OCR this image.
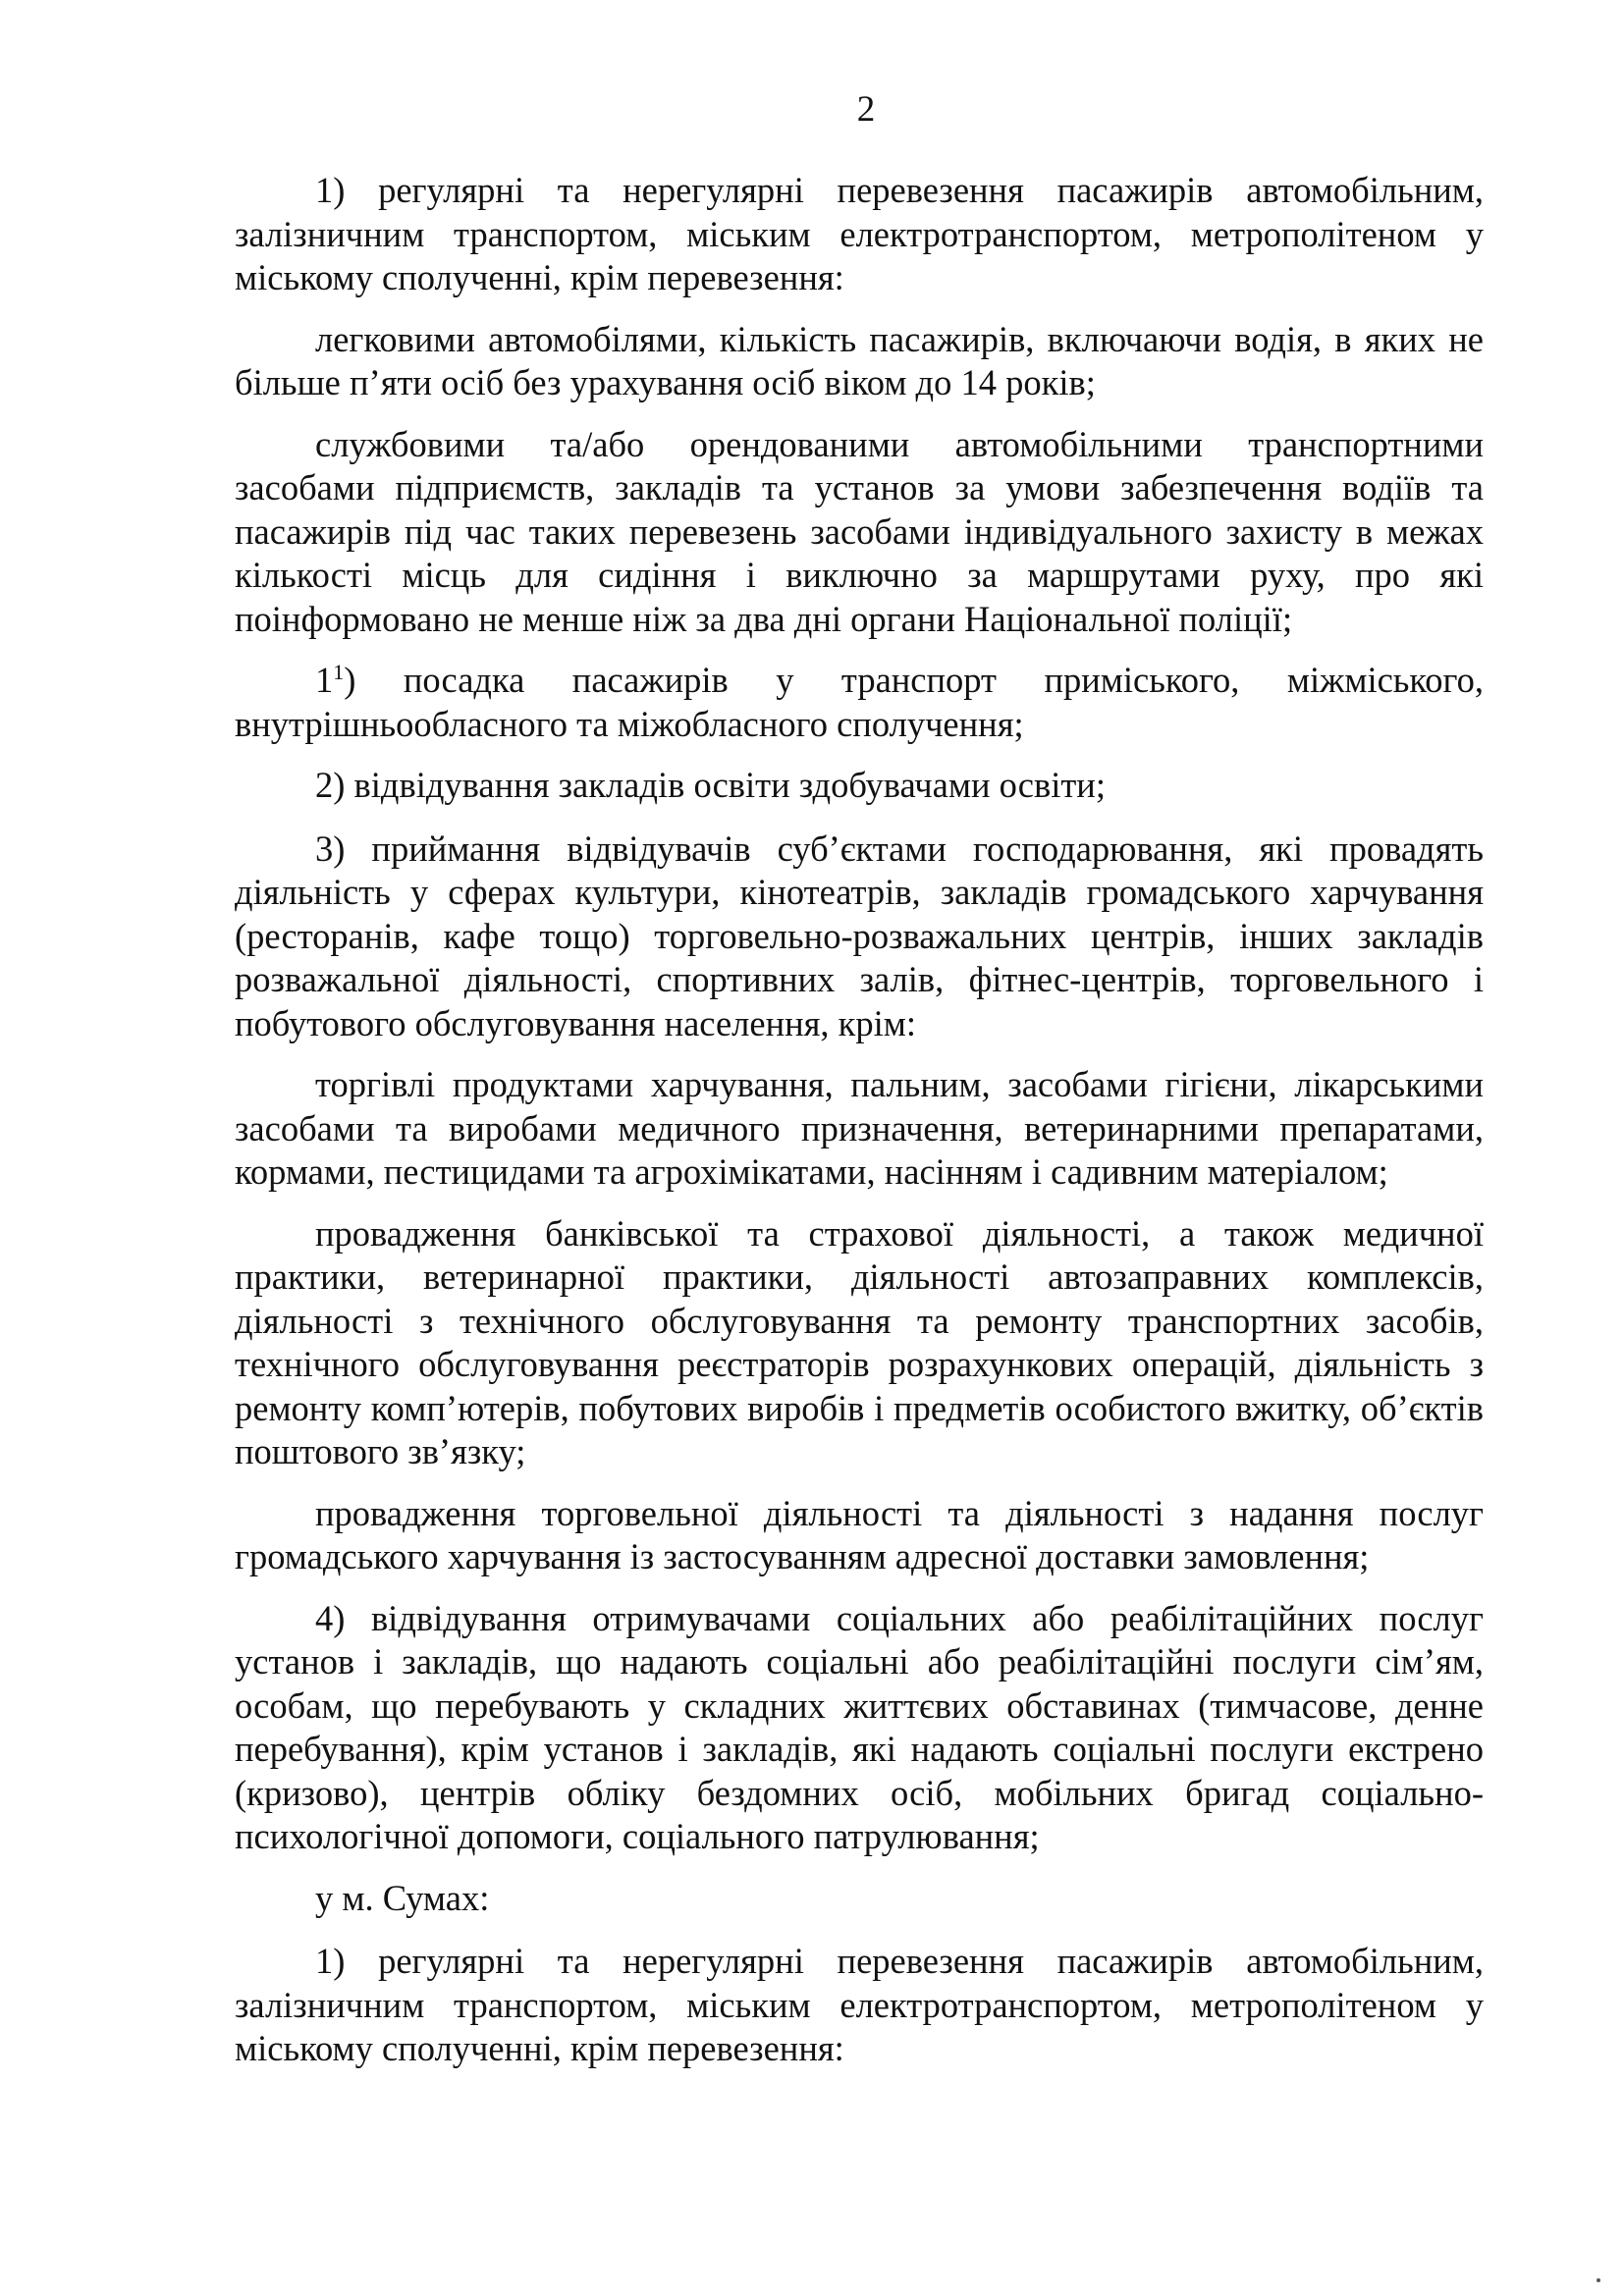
2

1) регулярні та нерегулярні перевезення пасажирів автомобільним, залізничним транспортом, міським електротранспортом, метрополітеном у міському сполученні, крім перевезення:

легковими автомобілями, кількість пасажирів, включаючи водія, в яких не більше п’яти осіб без урахування осіб віком до 14 років;

службовими та/або орендованими автомобільними транспортними засобами підприємств, закладів та установ за умови забезпечення водіїв та пасажирів під час таких перевезень засобами індивідуального захисту в межах кількості місць для сидіння і виключно за маршрутами руху, про які поінформовано не менше ніж за два дні органи Національної поліції;

$1^1$) посадка пасажирів у транспорт приміського, міжміського, внутрішньообласного та міжобласного сполучення;

2) відвідування закладів освіти здобувачами освіти;

3) приймання відвідувачів суб’єктами господарювання, які провадять діяльність у сферах культури, кінотеатрів, закладів громадського харчування (ресторанів, кафе тощо) торговельно-розважальних центрів, інших закладів розважальної діяльності, спортивних залів, фітнес-центрів, торговельного і побутового обслуговування населення, крім:

торгівлі продуктами харчування, пальним, засобами гігієни, лікарськими засобами та виробами медичного призначення, ветеринарними препаратами, кормами, пестицидами та агрохімікатами, насінням і садивним матеріалом;

провадження банківської та страхової діяльності, а також медичної практики, ветеринарної практики, діяльності автозаправних комплексів, діяльності з технічного обслуговування та ремонту транспортних засобів, технічного обслуговування реєстраторів розрахункових операцій, діяльність з ремонту комп’ютерів, побутових виробів і предметів особистого вжитку, об’єктів поштового зв’язку;

провадження торговельної діяльності та діяльності з надання послуг громадського харчування із застосуванням адресної доставки замовлення;

4) відвідування отримувачами соціальних або реабілітаційних послуг установ і закладів, що надають соціальні або реабілітаційні послуги сім’ям, особам, що перебувають у складних життєвих обставинах (тимчасове, денне перебування), крім установ і закладів, які надають соціальні послуги екстрено (кризово), центрів обліку бездомних осіб, мобільних бригад соціально-психологічної допомоги, соціального патрулювання;

у м. Сумах:

1) регулярні та нерегулярні перевезення пасажирів автомобільним, залізничним транспортом, міським електротранспортом, метрополітеном у міському сполученні, крім перевезення:
